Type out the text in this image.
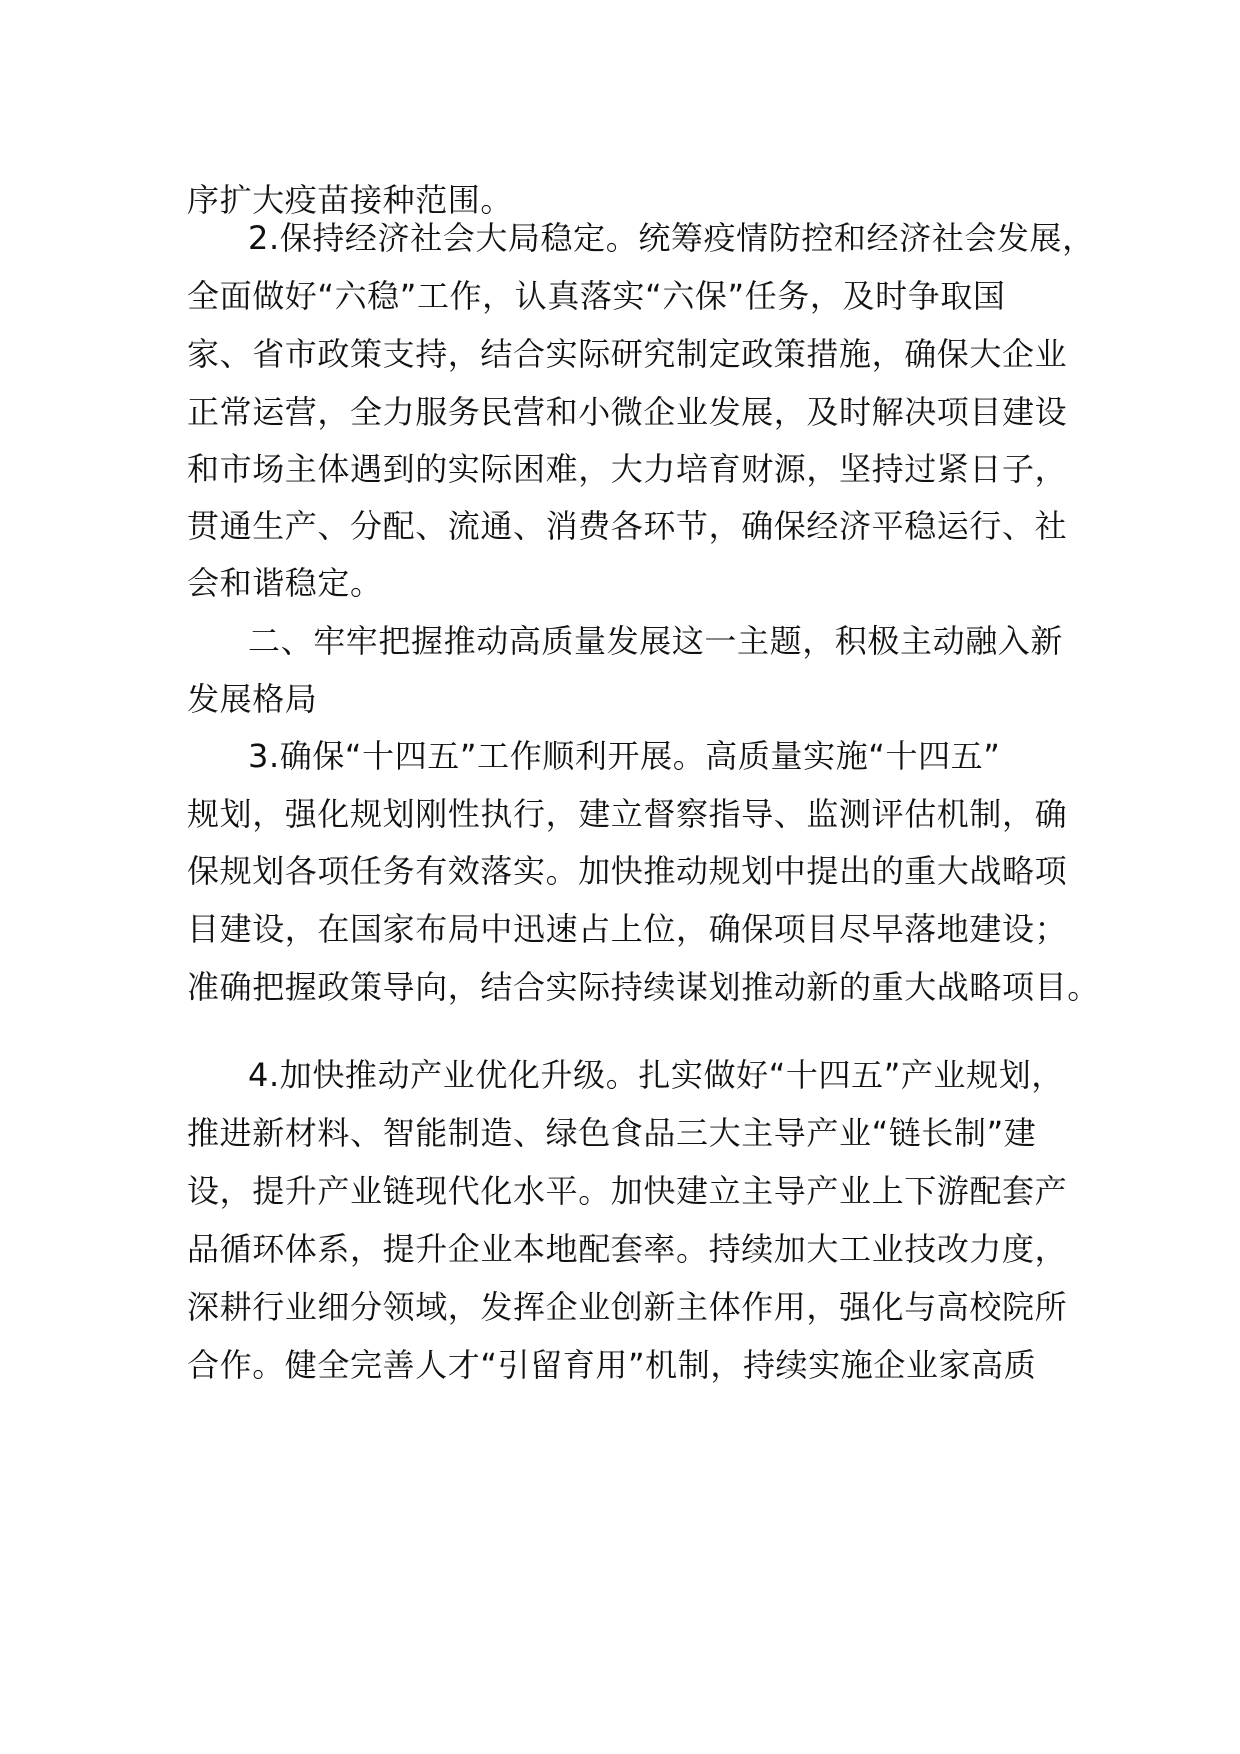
序扩大疫苗接种范围。
2.保持经济社会大局稳定。统筹疫情防控和经济社会发展，
全面做好“六稳”工作，认真落实“六保”任务，及时争取国
家、省市政策支持，结合实际研究制定政策措施，确保大企业
正常运营，全力服务民营和小微企业发展，及时解决项目建设
和市场主体遇到的实际困难，大力培育财源，坚持过紧日子，
贯通生产、分配、流通、消费各环节，确保经济平稳运行、社
会和谐稳定。
二、牢牢把握推动高质量发展这一主题，积极主动融入新
发展格局
3.确保“十四五”工作顺利开展。高质量实施“十四五”
规划，强化规划刚性执行，建立督察指导、监测评估机制，确
保规划各项任务有效落实。加快推动规划中提出的重大战略项
目建设，在国家布局中迅速占上位，确保项目尽早落地建设；
准确把握政策导向，结合实际持续谋划推动新的重大战略项目。
4.加快推动产业优化升级。扎实做好“十四五”产业规划，
推进新材料、智能制造、绿色食品三大主导产业“链长制”建
设，提升产业链现代化水平。加快建立主导产业上下游配套产
品循环体系，提升企业本地配套率。持续加大工业技改力度，
深耕行业细分领域，发挥企业创新主体作用，强化与高校院所
合作。健全完善人才“引留育用”机制，持续实施企业家高质
